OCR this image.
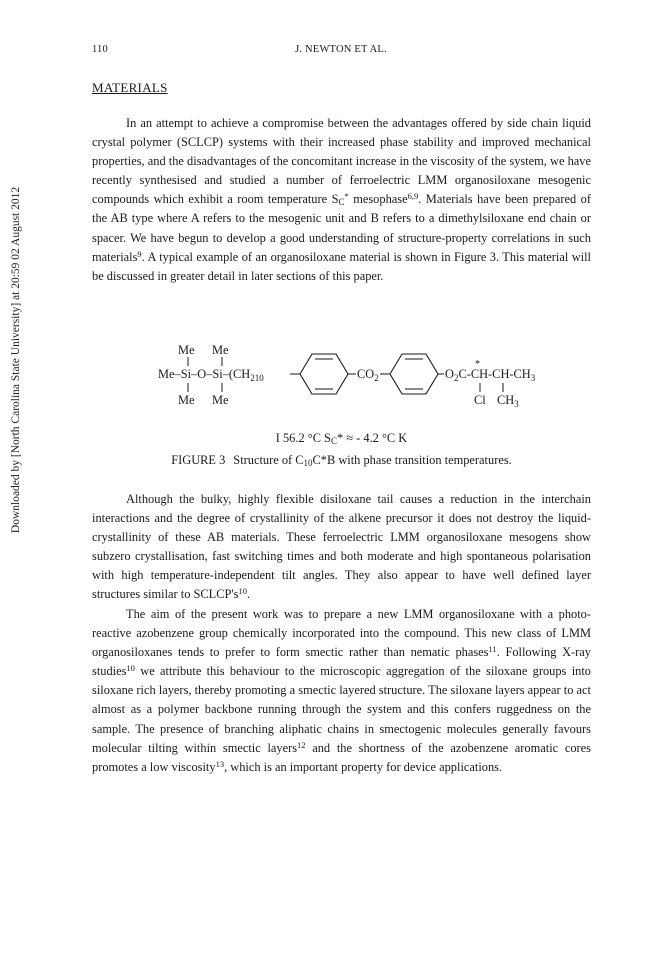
110	J. NEWTON ET AL.
Downloaded by [North Carolina State University] at 20:59 02 August 2012
MATERIALS

In an attempt to achieve a compromise between the advantages offered by side chain liquid crystal polymer (SCLCP) systems with their increased phase stability and improved mechanical properties, and the disadvantages of the concomitant increase in the viscosity of the system, we have recently synthesised and studied a number of ferroelectric LMM organosiloxane mesogenic compounds which exhibit a room temperature $S_C^*$ mesophase$^{6,9}$. Materials have been prepared of the AB type where A refers to the mesogenic unit and B refers to a dimethylsiloxane end chain or spacer. We have begun to develop a good understanding of structure-property correlations in such materials$^9$. A typical example of an organosiloxane material is shown in Figure 3. This material will be discussed in greater detail in later sections of this paper.

Me Me
$Me-Si-O-Si-(CH_210$
Me Me
$CO_2$	$O_2C-CH-CH-CH_3$
*
Cl $CH_3$
I 56.2 °C $S_C*$ ≈ - 4.2 °C K
FIGURE 3 Structure of $C_{10}C*B$ with phase transition temperatures.

Although the bulky, highly flexible disiloxane tail causes a reduction in the interchain interactions and the degree of crystallinity of the alkene precursor it does not destroy the liquid-crystallinity of these AB materials. These ferroelectric LMM organosiloxane mesogens show subzero crystallisation, fast switching times and both moderate and high spontaneous polarisation with high temperature-independent tilt angles. They also appear to have well defined layer structures similar to $SCLCP's^{10}$.

The aim of the present work was to prepare a new LMM organosiloxane with a photo-reactive azobenzene group chemically incorporated into the compound. This new class of LMM organosiloxanes tends to prefer to form smectic rather than nematic phases$^{11}$. Following X-ray studies$^{10}$ we attribute this behaviour to the microscopic aggregation of the siloxane groups into siloxane rich layers, thereby promoting a smectic layered structure. The siloxane layers appear to act almost as a polymer backbone running through the system and this confers ruggedness on the sample. The presence of branching aliphatic chains in smectogenic molecules generally favours molecular tilting within smectic layers$^{12}$ and the shortness of the azobenzene aromatic cores promotes a low viscosity$^{13}$, which is an important property for device applications.
